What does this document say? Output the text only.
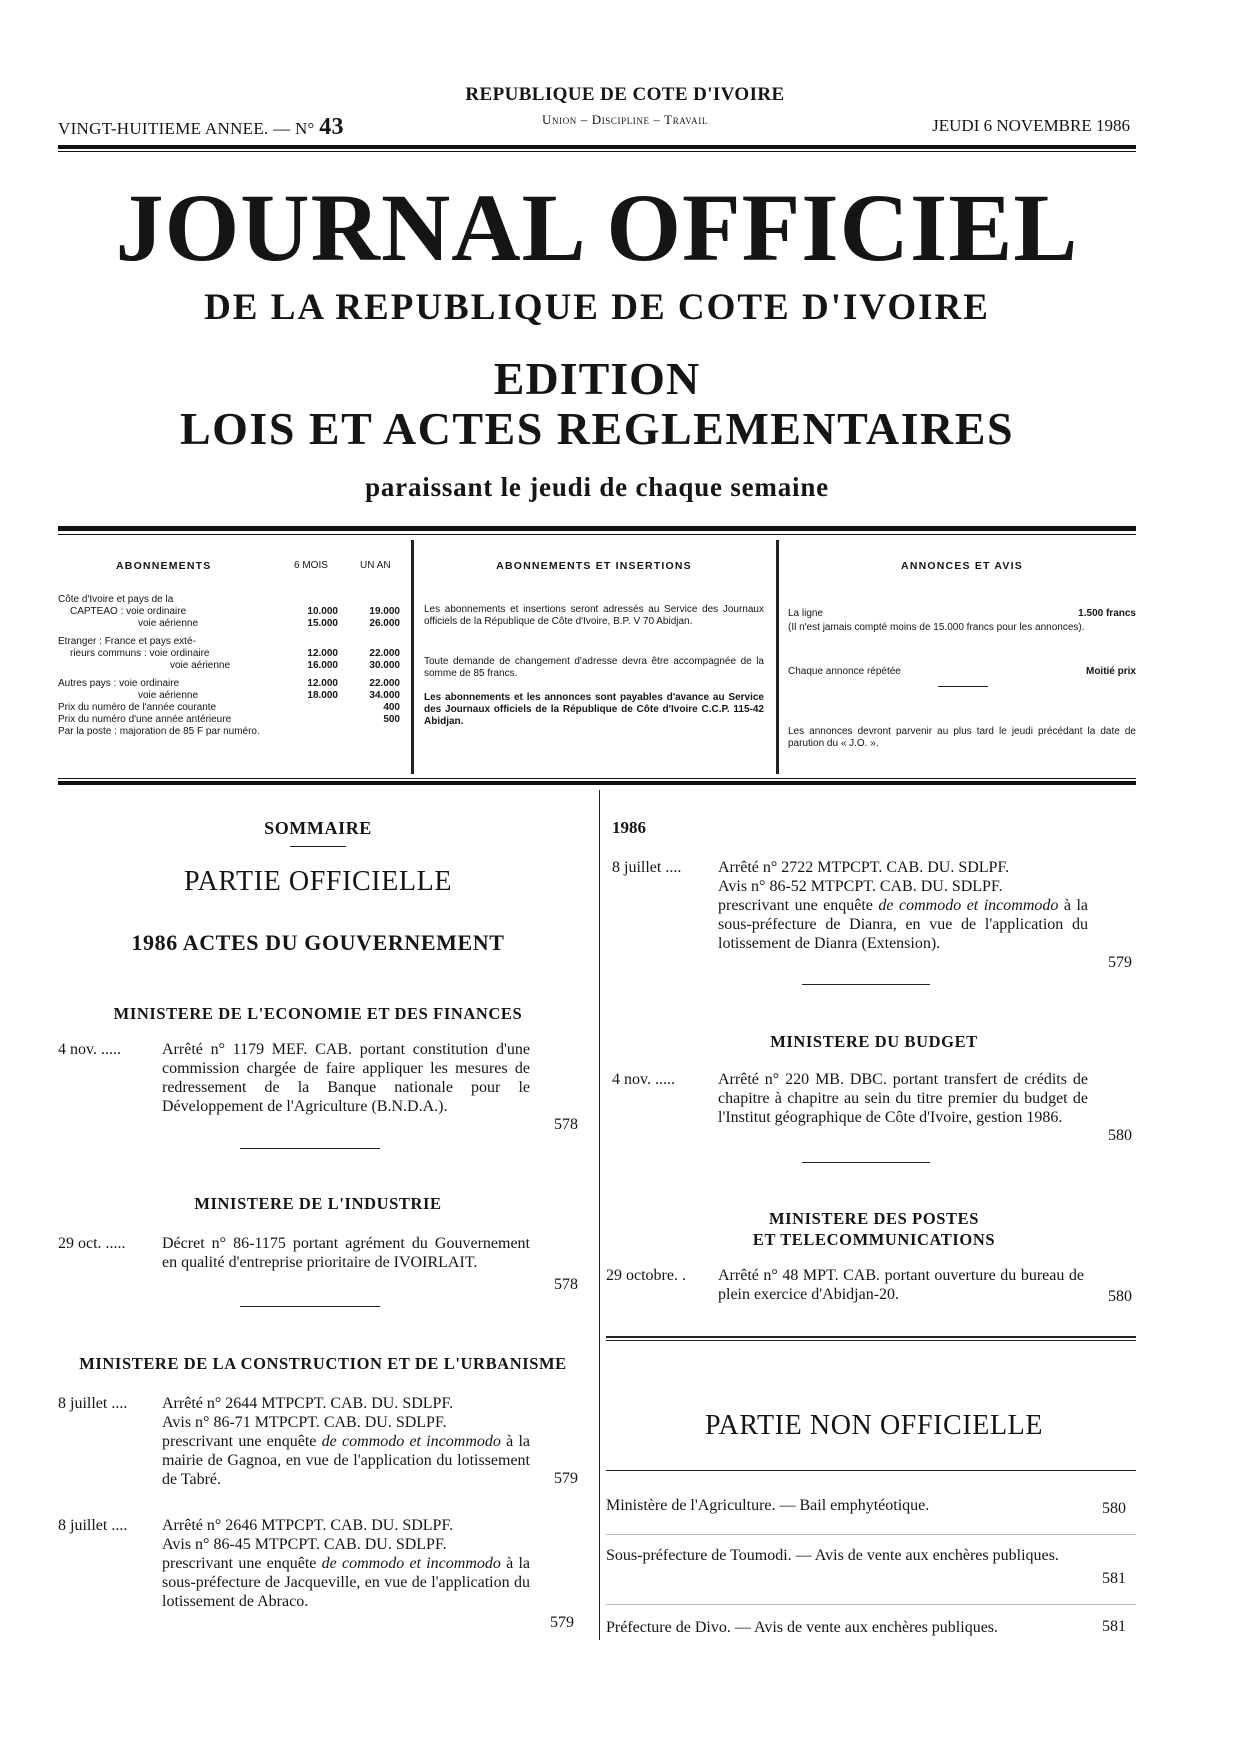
VINGT-HUITIEME ANNEE. — N° 43
REPUBLIQUE DE COTE D'IVOIRE
Union – Discipline – Travail	JEUDI 6 NOVEMBRE 1986
JOURNAL OFFICIEL
DE LA REPUBLIQUE DE COTE D'IVOIRE
EDITION
LOIS ET ACTES REGLEMENTAIRES
paraissant le jeudi de chaque semaine
ABONNEMENTS	6 MOIS	UN AN
Côte d'Ivoire et pays de la
CAPTEAO : voie ordinaire	10.000	19.000
voie aérienne	15.000	26.000
Etranger : France et pays exté-
rieurs communs : voie ordinaire	12.000	22.000
voie aérienne	16.000	30.000
Autres pays : voie ordinaire	12.000	22.000
voie aérienne	18.000	34.000
Prix du numéro de l'année courante	400
Prix du numéro d'une année antérieure	500
Par la poste : majoration de 85 F par numéro.
ABONNEMENTS ET INSERTIONS
Les abonnements et insertions seront adressés au Service des Journaux officiels de la République de Côte d'Ivoire, B.P. V 70 Abidjan.
Toute demande de changement d'adresse devra être accompagnée de la somme de 85 francs.
Les abonnements et les annonces sont payables d'avance au Service des Journaux officiels de la République de Côte d'Ivoire C.C.P. 115-42 Abidjan.
ANNONCES ET AVIS
La ligne	1.500 francs
(Il n'est jamais compté moins de 15.000 francs pour les annonces).
Chaque annonce répétée	Moitié prix
Les annonces devront parvenir au plus tard le jeudi précédant la date de parution du « J.O. ».
SOMMAIRE
PARTIE OFFICIELLE
1986 ACTES DU GOUVERNEMENT
MINISTERE DE L'ECONOMIE ET DES FINANCES
4 nov. .....	Arrêté n° 1179 MEF. CAB. portant constitution d'une commission chargée de faire appliquer les mesures de redressement de la Banque nationale pour le Développement de l'Agriculture (B.N.D.A.).
578
MINISTERE DE L'INDUSTRIE
29 oct. ..... Décret n° 86-1175 portant agrément du Gouvernement en qualité d'entreprise prioritaire de IVOIRLAIT.
578
MINISTERE DE LA CONSTRUCTION ET DE L'URBANISME
8 juillet .... Arrêté n° 2644 MTPCPT. CAB. DU. SDLPF.
Avis n° 86-71 MTPCPT. CAB. DU. SDLPF.
prescrivant une enquête de commodo et incommodo à la mairie de Gagnoa, en vue de l'application du lotissement de Tabré.	579
8 juillet .... Arrêté n° 2646 MTPCPT. CAB. DU. SDLPF.
Avis n° 86-45 MTPCPT. CAB. DU. SDLPF.
prescrivant une enquête de commodo et incommodo à la sous-préfecture de Jacqueville, en vue de l'application du lotissement de Abraco.
579
1986
8 juillet .... Arrêté n° 2722 MTPCPT. CAB. DU. SDLPF.
Avis n° 86-52 MTPCPT. CAB. DU. SDLPF.
prescrivant une enquête de commodo et incommodo à la sous-préfecture de Dianra, en vue de l'application du lotissement de Dianra (Extension).
579
MINISTERE DU BUDGET
4 nov. .....	Arrêté n° 220 MB. DBC. portant transfert de crédits de chapitre à chapitre au sein du titre premier du budget de l'Institut géographique de Côte d'Ivoire, gestion 1986.
580
MINISTERE DES POSTES
ET TELECOMMUNICATIONS
29 octobre. . Arrêté n° 48 MPT. CAB. portant ouverture du bureau de plein exercice d'Abidjan-20.	580
PARTIE NON OFFICIELLE
Ministère de l'Agriculture. — Bail emphytéotique.	580
Sous-préfecture de Toumodi. — Avis de vente aux enchères publiques.
581
Préfecture de Divo. — Avis de vente aux enchères publiques.	581
